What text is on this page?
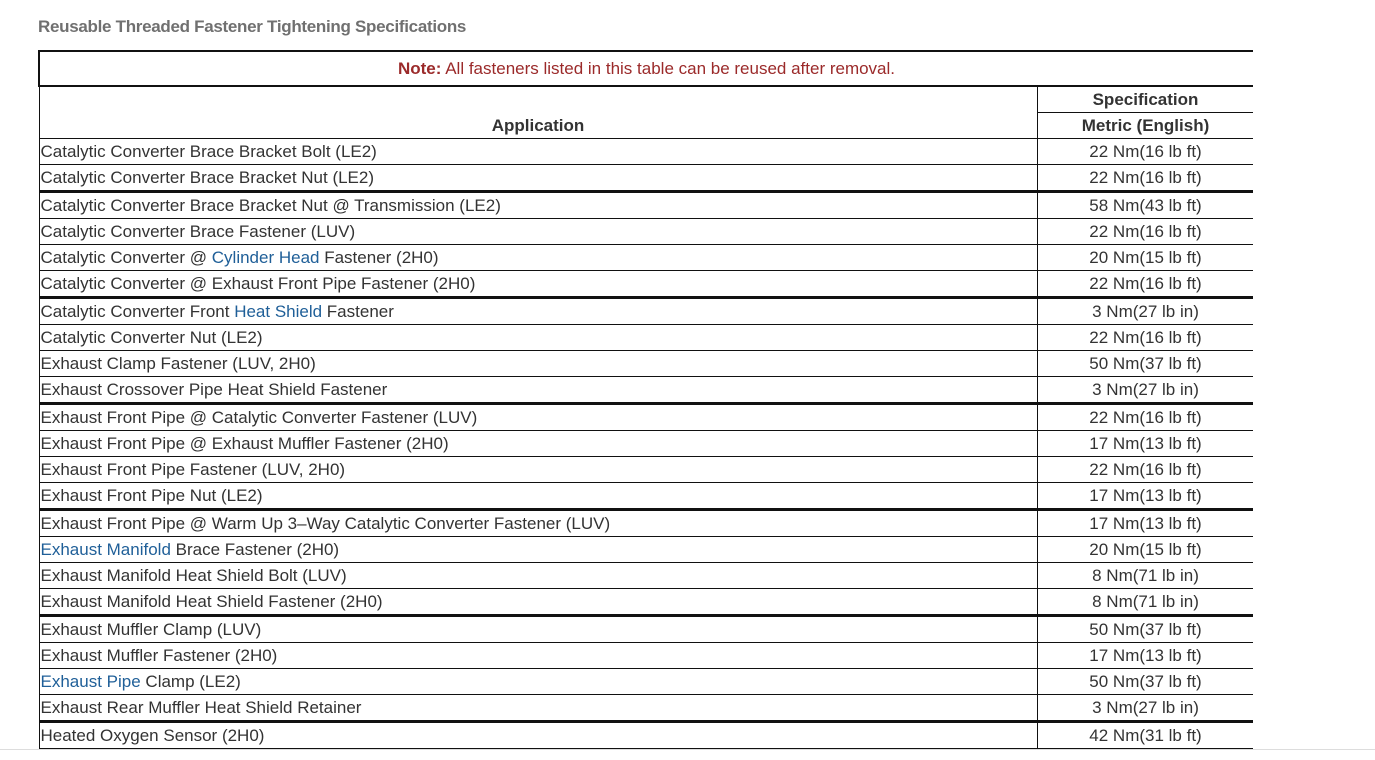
Reusable Threaded Fastener Tightening Specifications
Note: All fasteners listed in this table can be reused after removal.	
Application	Specification
	Metric (English)
Catalytic Converter Brace Bracket Bolt (LE2)	22 Nm(16 lb ft)
Catalytic Converter Brace Bracket Nut (LE2)	22 Nm(16 lb ft)
Catalytic Converter Brace Bracket Nut @ Transmission (LE2)	58 Nm(43 lb ft)
Catalytic Converter Brace Fastener (LUV)	22 Nm(16 lb ft)
Catalytic Converter @ Cylinder Head Fastener (2H0)	20 Nm(15 lb ft)
Catalytic Converter @ Exhaust Front Pipe Fastener (2H0)	22 Nm(16 lb ft)
Catalytic Converter Front Heat Shield Fastener	3 Nm(27 lb in)
Catalytic Converter Nut (LE2)	22 Nm(16 lb ft)
Exhaust Clamp Fastener (LUV, 2H0)	50 Nm(37 lb ft)
Exhaust Crossover Pipe Heat Shield Fastener	3 Nm(27 lb in)
Exhaust Front Pipe @ Catalytic Converter Fastener (LUV)	22 Nm(16 lb ft)
Exhaust Front Pipe @ Exhaust Muffler Fastener (2H0)	17 Nm(13 lb ft)
Exhaust Front Pipe Fastener (LUV, 2H0)	22 Nm(16 lb ft)
Exhaust Front Pipe Nut (LE2)	17 Nm(13 lb ft)
Exhaust Front Pipe @ Warm Up 3–Way Catalytic Converter Fastener (LUV)	17 Nm(13 lb ft)
Exhaust Manifold Brace Fastener (2H0)	20 Nm(15 lb ft)
Exhaust Manifold Heat Shield Bolt (LUV)	8 Nm(71 lb in)
Exhaust Manifold Heat Shield Fastener (2H0)	8 Nm(71 lb in)
Exhaust Muffler Clamp (LUV)	50 Nm(37 lb ft)
Exhaust Muffler Fastener (2H0)	17 Nm(13 lb ft)
Exhaust Pipe Clamp (LE2)	50 Nm(37 lb ft)
Exhaust Rear Muffler Heat Shield Retainer	3 Nm(27 lb in)
Heated Oxygen Sensor (2H0)	42 Nm(31 lb ft)
